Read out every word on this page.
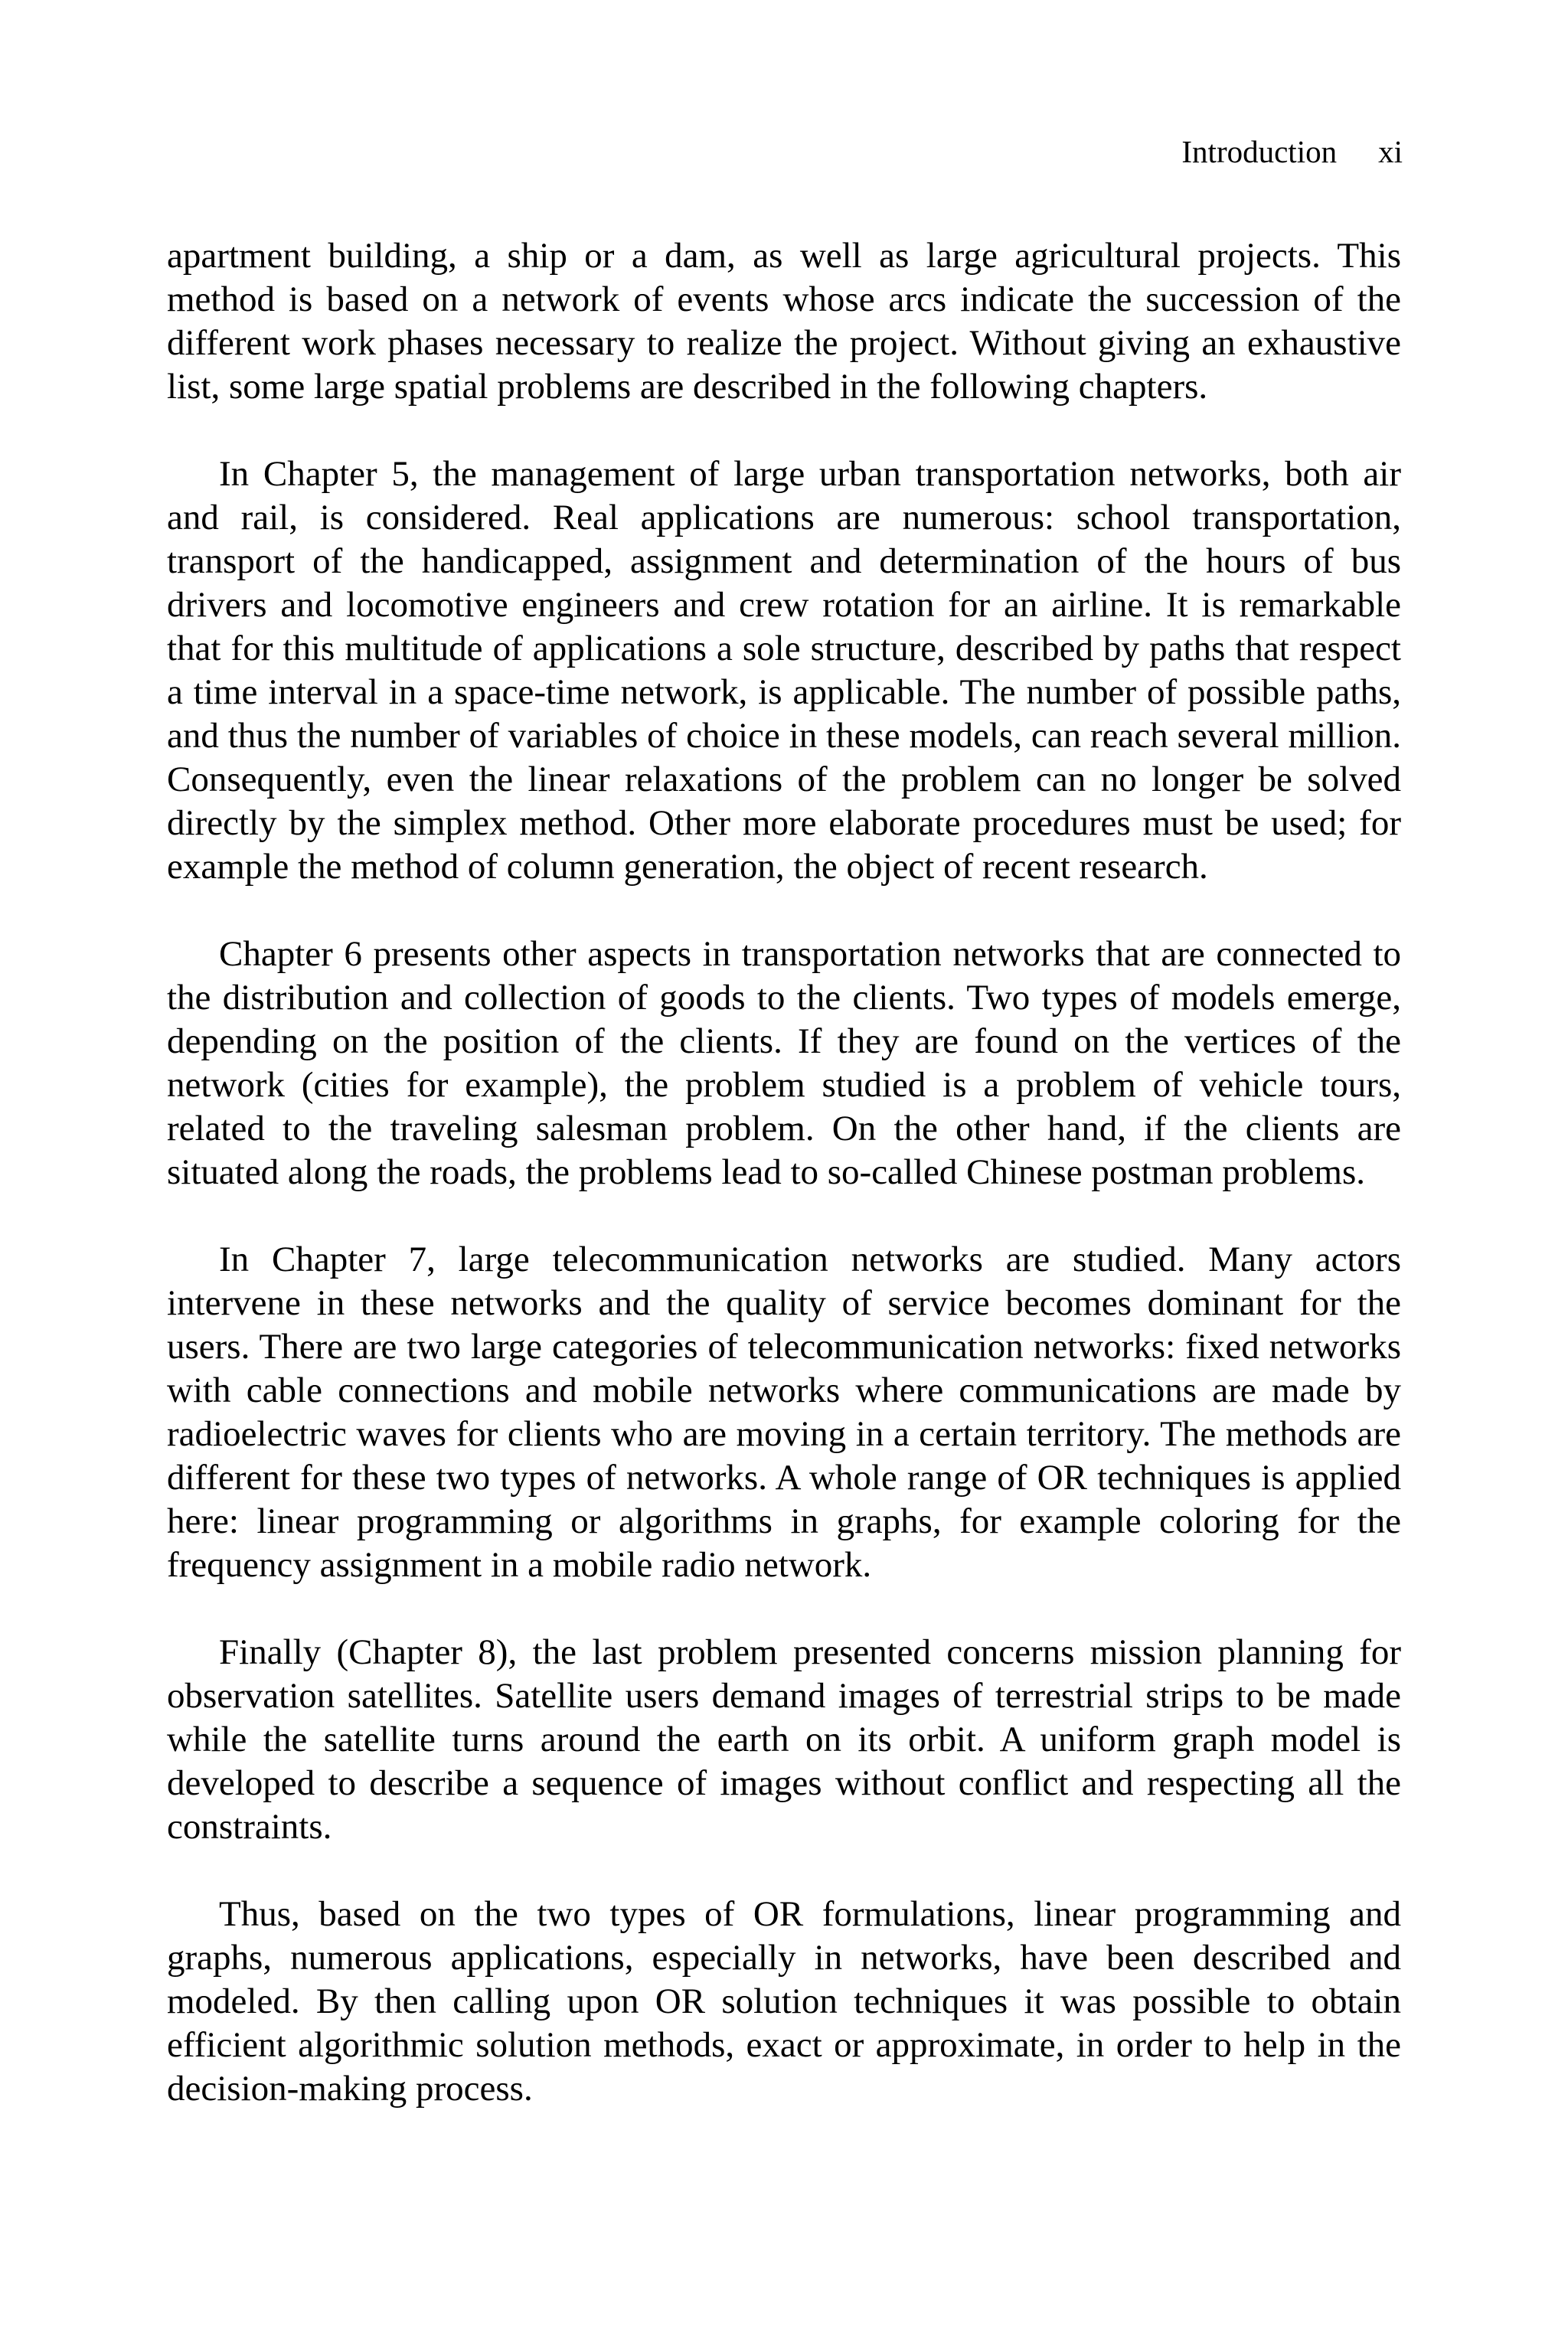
Introduction xi

apartment building, a ship or a dam, as well as large agricultural projects. This method is based on a network of events whose arcs indicate the succession of the different work phases necessary to realize the project. Without giving an exhaustive list, some large spatial problems are described in the following chapters.

In Chapter 5, the management of large urban transportation networks, both air and rail, is considered. Real applications are numerous: school transportation, transport of the handicapped, assignment and determination of the hours of bus drivers and locomotive engineers and crew rotation for an airline. It is remarkable that for this multitude of applications a sole structure, described by paths that respect a time interval in a space-time network, is applicable. The number of possible paths, and thus the number of variables of choice in these models, can reach several million. Consequently, even the linear relaxations of the problem can no longer be solved directly by the simplex method. Other more elaborate procedures must be used; for example the method of column generation, the object of recent research.

Chapter 6 presents other aspects in transportation networks that are connected to the distribution and collection of goods to the clients. Two types of models emerge, depending on the position of the clients. If they are found on the vertices of the network (cities for example), the problem studied is a problem of vehicle tours, related to the traveling salesman problem. On the other hand, if the clients are situated along the roads, the problems lead to so-called Chinese postman problems.

In Chapter 7, large telecommunication networks are studied. Many actors intervene in these networks and the quality of service becomes dominant for the users. There are two large categories of telecommunication networks: fixed networks with cable connections and mobile networks where communications are made by radioelectric waves for clients who are moving in a certain territory. The methods are different for these two types of networks. A whole range of OR techniques is applied here: linear programming or algorithms in graphs, for example coloring for the frequency assignment in a mobile radio network.

Finally (Chapter 8), the last problem presented concerns mission planning for observation satellites. Satellite users demand images of terrestrial strips to be made while the satellite turns around the earth on its orbit. A uniform graph model is developed to describe a sequence of images without conflict and respecting all the constraints.

Thus, based on the two types of OR formulations, linear programming and graphs, numerous applications, especially in networks, have been described and modeled. By then calling upon OR solution techniques it was possible to obtain efficient algorithmic solution methods, exact or approximate, in order to help in the decision-making process.
